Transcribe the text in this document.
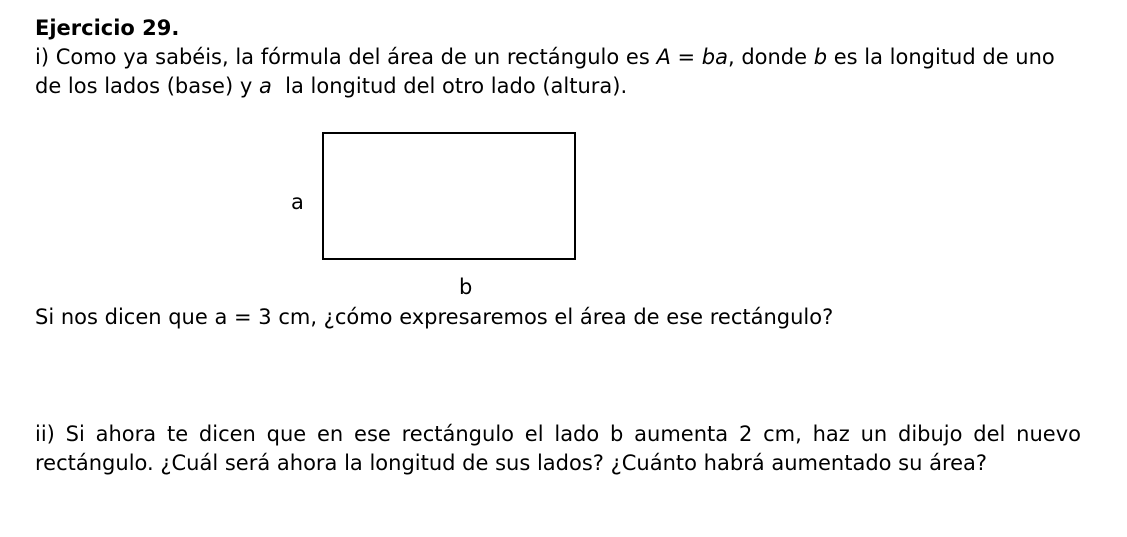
Ejercicio 29.
i) Como ya sabéis, la fórmula del área de un rectángulo es A = ba, donde b es la longitud de uno
de los lados (base) y a  la longitud del otro lado (altura).
a
b
Si nos dicen que a = 3 cm, ¿cómo expresaremos el área de ese rectángulo?
ii) Si ahora te dicen que en ese rectángulo el lado b aumenta 2 cm, haz un dibujo del nuevo
rectángulo. ¿Cuál será ahora la longitud de sus lados? ¿Cuánto habrá aumentado su área?
